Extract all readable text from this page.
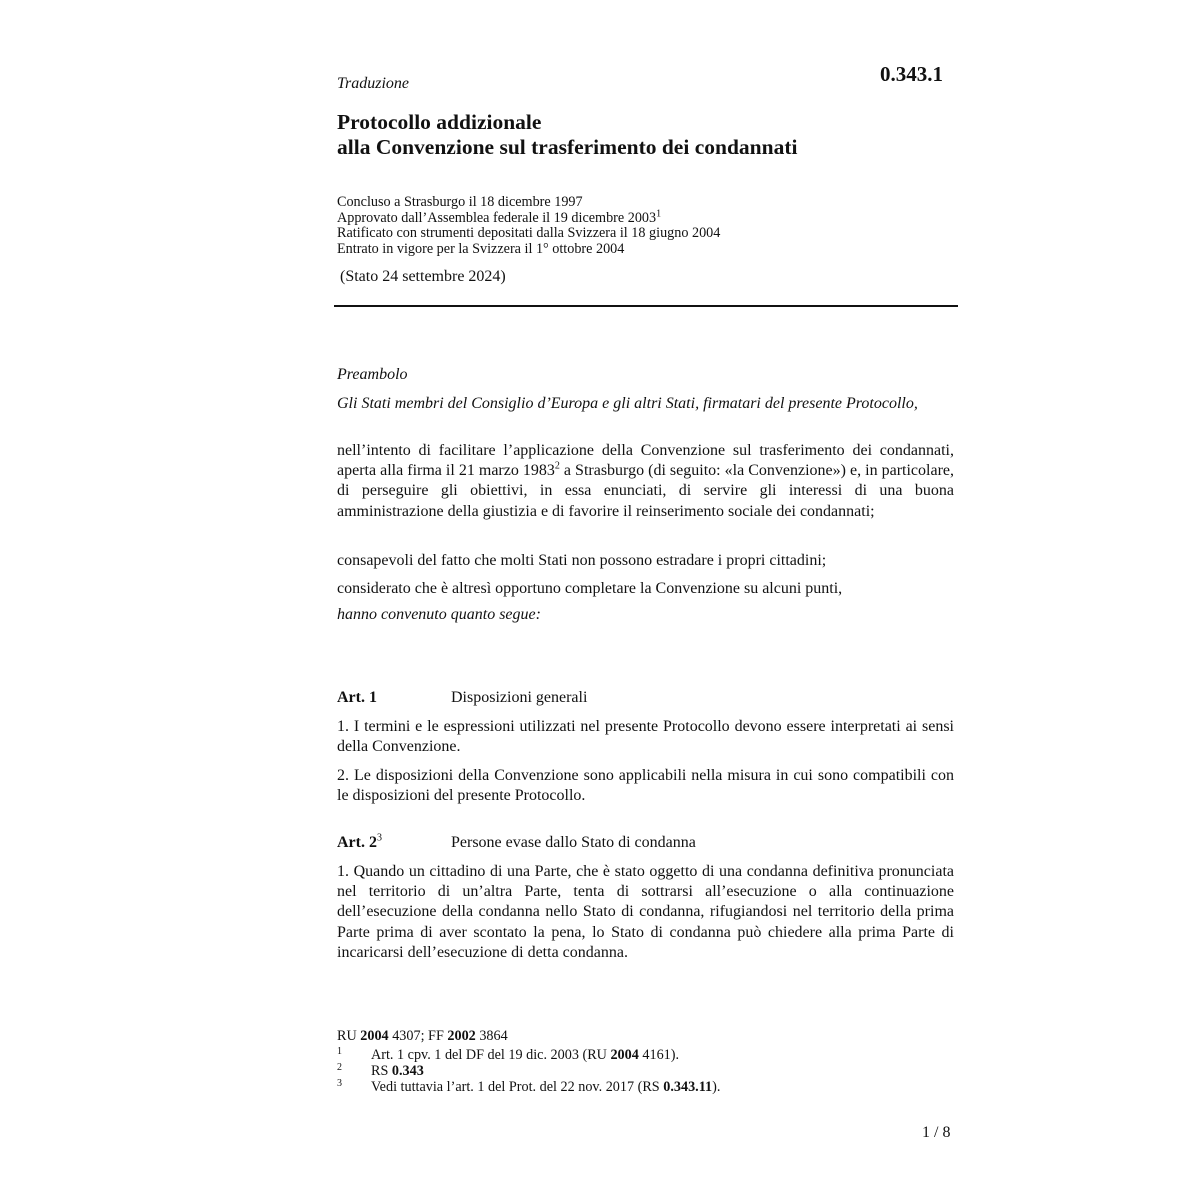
0.343.1
Traduzione
Protocollo addizionale
alla Convenzione sul trasferimento dei condannati
Concluso a Strasburgo il 18 dicembre 1997
Approvato dall’Assemblea federale il 19 dicembre 2003$^1$
Ratificato con strumenti depositati dalla Svizzera il 18 giugno 2004
Entrato in vigore per la Svizzera il 1° ottobre 2004
(Stato 24 settembre 2024)
Preambolo
Gli Stati membri del Consiglio d’Europa e gli altri Stati, firmatari del presente Protocollo,
nell’intento di facilitare l’applicazione della Convenzione sul trasferimento dei condannati, aperta alla firma il 21 marzo 1983$^2$ a Strasburgo (di seguito: «la Convenzione») e, in particolare, di perseguire gli obiettivi, in essa enunciati, di servire gli interessi di una buona amministrazione della giustizia e di favorire il reinserimento sociale dei condannati;
consapevoli del fatto che molti Stati non possono estradare i propri cittadini;
considerato che è altresì opportuno completare la Convenzione su alcuni punti,
hanno convenuto quanto segue:
Art. 1	Disposizioni generali
1. I termini e le espressioni utilizzati nel presente Protocollo devono essere interpretati ai sensi della Convenzione.
2. Le disposizioni della Convenzione sono applicabili nella misura in cui sono compatibili con le disposizioni del presente Protocollo.
Art. $2^3$	Persone evase dallo Stato di condanna
1. Quando un cittadino di una Parte, che è stato oggetto di una condanna definitiva pronunciata nel territorio di un’altra Parte, tenta di sottrarsi all’esecuzione o alla continuazione dell’esecuzione della condanna nello Stato di condanna, rifugiandosi nel territorio della prima Parte prima di aver scontato la pena, lo Stato di condanna può chiedere alla prima Parte di incaricarsi dell’esecuzione di detta condanna.
RU 2004 4307; FF 2002 3864
1 Art. 1 cpv. 1 del DF del 19 dic. 2003 (RU 2004 4161).
2 RS 0.343
3 Vedi tuttavia l’art. 1 del Prot. del 22 nov. 2017 (RS 0.343.11).
1 / 8
